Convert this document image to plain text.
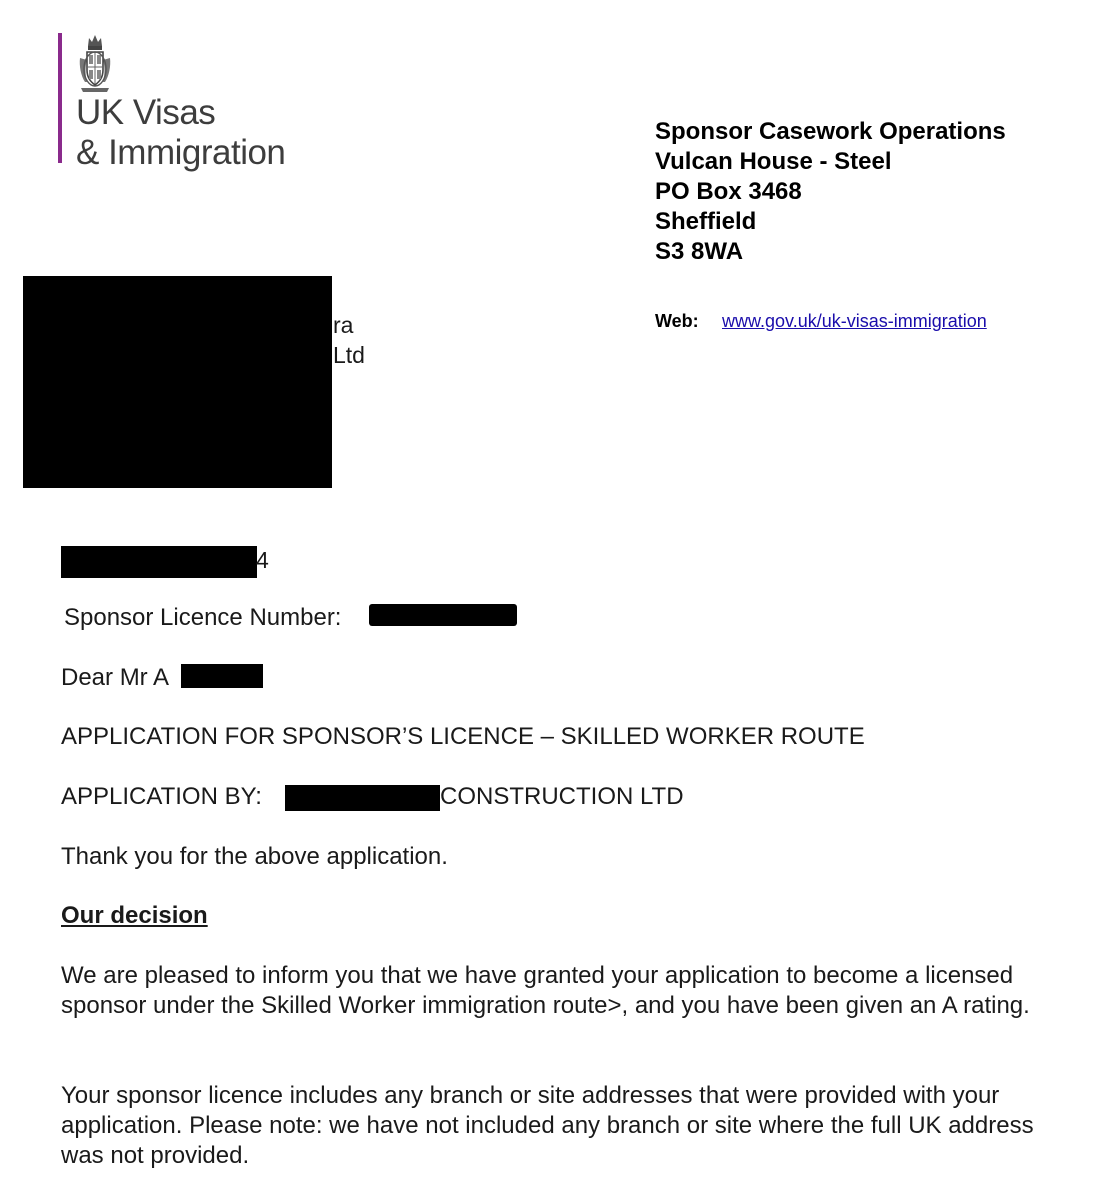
UK Visas
& Immigration
Sponsor Casework Operations
Vulcan House - Steel
PO Box 3468
Sheffield
S3 8WA
Web: www.gov.uk/uk-visas-immigration
ra
Ltd
4
Sponsor Licence Number:
Dear Mr A
APPLICATION FOR SPONSOR’S LICENCE – SKILLED WORKER ROUTE
APPLICATION BY:	CONSTRUCTION LTD
Thank you for the above application.
Our decision
We are pleased to inform you that we have granted your application to become a licensed sponsor under the Skilled Worker immigration route>, and you have been given an A rating.
Your sponsor licence includes any branch or site addresses that were provided with your application. Please note: we have not included any branch or site where the full UK address was not provided.
